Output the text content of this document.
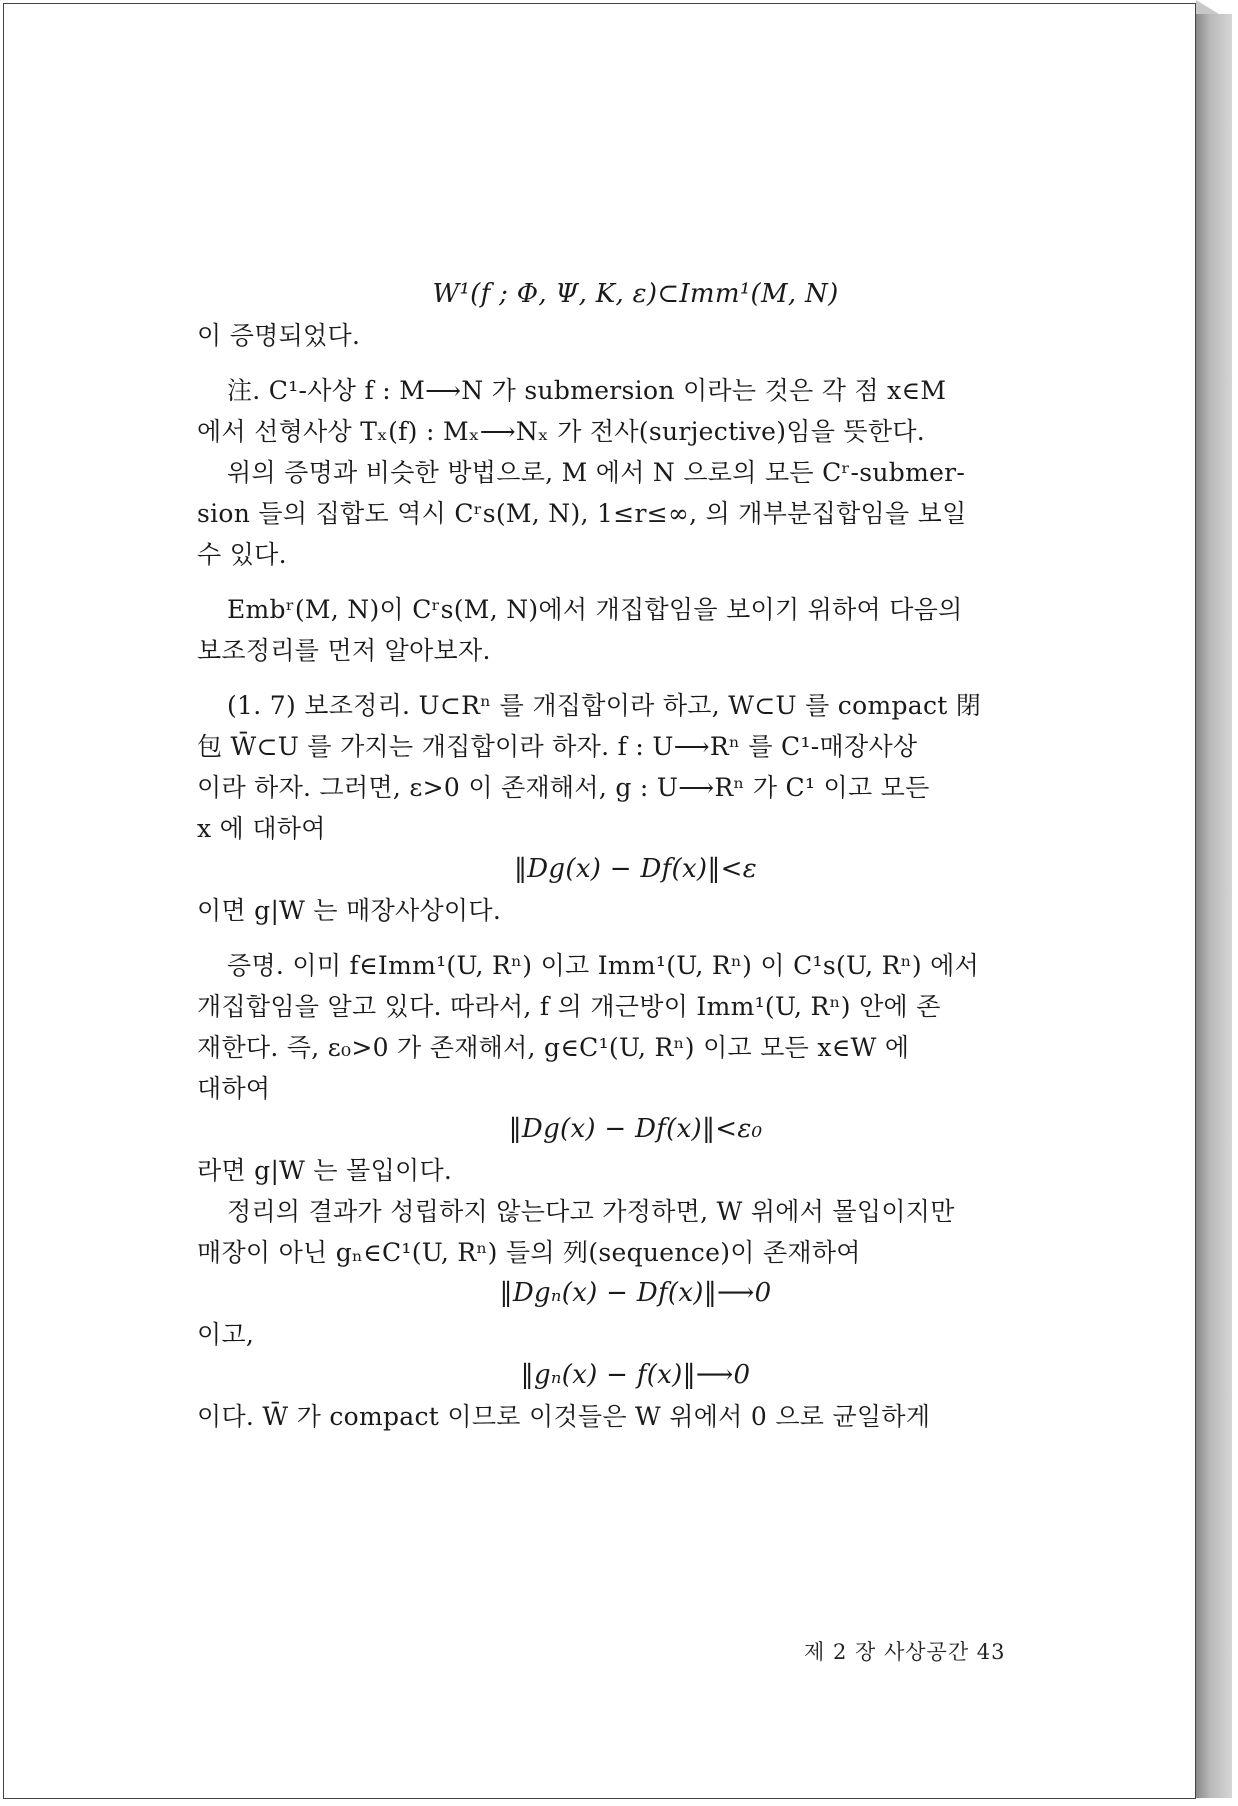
W¹(f ; Φ, Ψ, K, ε)⊂Imm¹(M, N)

이 증명되었다.

注. C¹-사상 f : M⟶N 가 submersion 이라는 것은 각 점 x∈M

에서 선형사상 Tₓ(f) : Mₓ⟶Nₓ 가 전사(surjective)임을 뜻한다.

위의 증명과 비슷한 방법으로, M 에서 N 으로의 모든 Cʳ-submer-

sion 들의 집합도 역시 Cʳs(M, N), 1≤r≤∞, 의 개부분집합임을 보일

수 있다.

Embʳ(M, N)이 Cʳs(M, N)에서 개집합임을 보이기 위하여 다음의

보조정리를 먼저 알아보자.

(1. 7) 보조정리. U⊂Rⁿ 를 개집합이라 하고, W⊂U 를 compact 閉

包 W̄⊂U 를 가지는 개집합이라 하자. f : U⟶Rⁿ 를 C¹-매장사상

이라 하자. 그러면, ε>0 이 존재해서, g : U⟶Rⁿ 가 C¹ 이고 모든

x 에 대하여

‖Dg(x) − Df(x)‖<ε

이면 g|W 는 매장사상이다.

증명. 이미 f∈Imm¹(U, Rⁿ) 이고 Imm¹(U, Rⁿ) 이 C¹s(U, Rⁿ) 에서

개집합임을 알고 있다. 따라서, f 의 개근방이 Imm¹(U, Rⁿ) 안에 존

재한다. 즉, ε₀>0 가 존재해서, g∈C¹(U, Rⁿ) 이고 모든 x∈W 에

대하여

‖Dg(x) − Df(x)‖<ε₀

라면 g|W 는 몰입이다.

정리의 결과가 성립하지 않는다고 가정하면, W 위에서 몰입이지만

매장이 아닌 gₙ∈C¹(U, Rⁿ) 들의 列(sequence)이 존재하여

‖Dgₙ(x) − Df(x)‖⟶0

이고,

‖gₙ(x) − f(x)‖⟶0

이다. W̄ 가 compact 이므로 이것들은 W 위에서 0 으로 균일하게

제 2 장 사상공간 43
